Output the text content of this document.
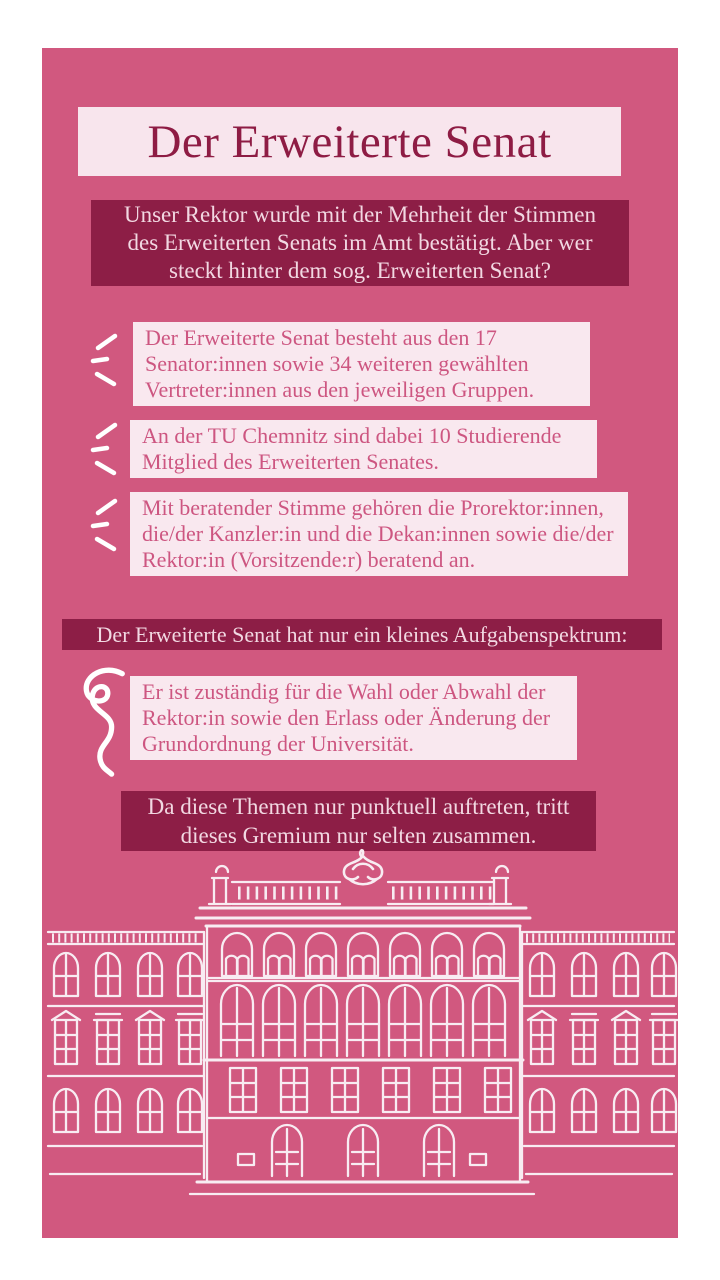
Der Erweiterte Senat
Unser Rektor wurde mit der Mehrheit der Stimmen
des Erweiterten Senats im Amt bestätigt. Aber wer
steckt hinter dem sog. Erweiterten Senat?
Der Erweiterte Senat besteht aus den 17 Senator:innen sowie 34 weiteren gewählten Vertreter:innen aus den jeweiligen Gruppen.
An der TU Chemnitz sind dabei 10 Studierende Mitglied des Erweiterten Senates.
Mit beratender Stimme gehören die Prorektor:innen, die/der Kanzler:in und die Dekan:innen sowie die/der Rektor:in (Vorsitzende:r) beratend an.
Der Erweiterte Senat hat nur ein kleines Aufgabenspektrum:
Er ist zuständig für die Wahl oder Abwahl der Rektor:in sowie den Erlass oder Änderung der Grundordnung der Universität.
Da diese Themen nur punktuell auftreten, tritt
dieses Gremium nur selten zusammen.
